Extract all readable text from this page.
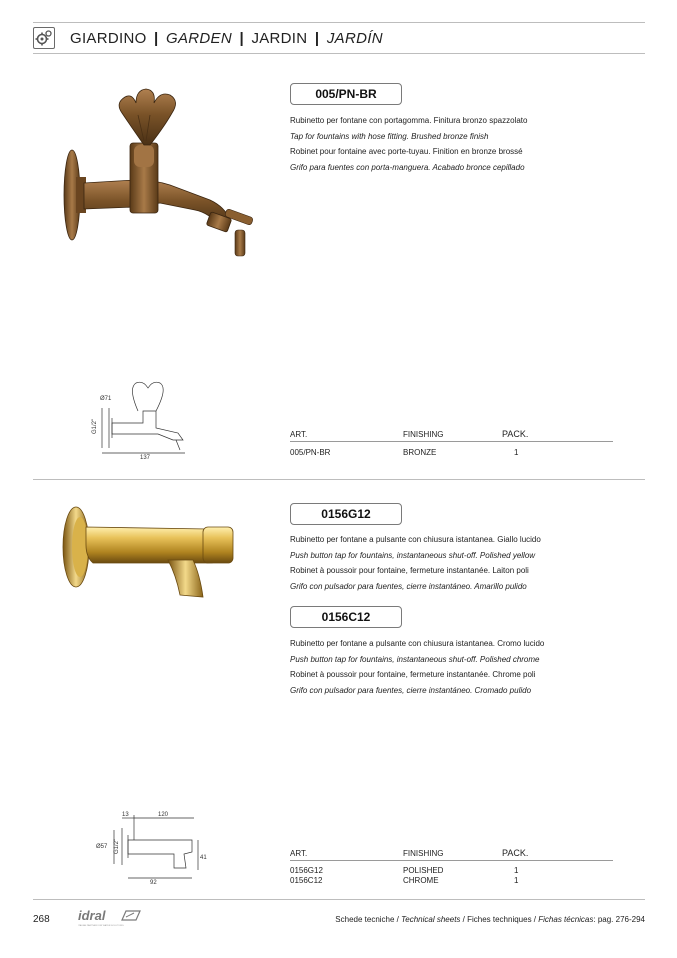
GIARDINO | GARDEN | JARDIN | JARDÍN
Ø71
G1/2"
137
005/PN-BR
Rubinetto per fontane con portagomma. Finitura bronzo spazzolato
Tap for fountains with hose fitting. Brushed bronze finish
Robinet pour fontaine avec porte-tuyau. Finition en bronze brossé
Grifo para fuentes con porta-manguera. Acabado bronce cepillado
ART.	FINISHING	PACK.
005/PN-BR	BRONZE	1
13	120
Ø57 G1/2"
41
92
0156G12
Rubinetto per fontane a pulsante con chiusura istantanea. Giallo lucido
Push button tap for fountains, instantaneous shut-off. Polished yellow
Robinet à poussoir pour fontaine, fermeture instantanée. Laiton poli
Grifo con pulsador para fuentes, cierre instantáneo. Amarillo pulido
0156C12
Rubinetto per fontane a pulsante con chiusura istantanea. Cromo lucido
Push button tap for fountains, instantaneous shut-off. Polished chrome
Robinet à poussoir pour fontaine, fermeture instantanée. Chrome poli
Grifo con pulsador para fuentes, cierre instantáneo. Cromado pulido
ART.	FINISHING	PACK.
0156G12	POLISHED	1
0156C12	CHROME	1
268 idral
ITALIAN PARTNER FOR WATER SOLUTIONS
Schede tecniche / Technical sheets / Fiches techniques / Fichas técnicas: pag. 276-294
